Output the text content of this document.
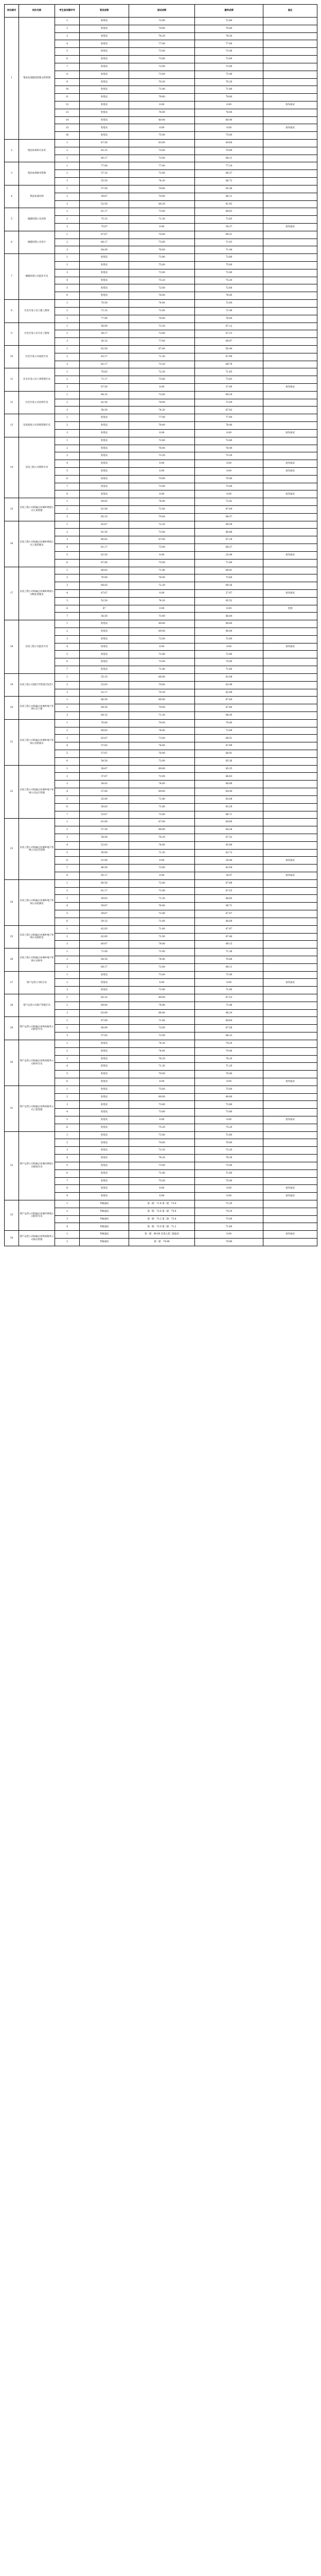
岗位编号	岗位名称	考生面试顺序号	笔试成绩	面试成绩	最终成绩	备注
1	集团本部建设管理文档管理	1	免笔试	72.80	72.80	
		2	免笔试	70.60	70.60	
		3	免笔试	78.20	78.20	
		4	免笔试	77.00	77.00	
		5	免笔试	73.40	73.40	
		6	免笔试	73.60	73.60	
		7	免笔试	72.00	72.00	
		8	免笔试	73.40	73.40	
		9	免笔试	70.20	70.20	
		10	免笔试	71.80	71.80	
		11	免笔试	79.60	79.60	
		12	免笔试	0.00	0.00	放弃面试
		13	免笔试	76.00	76.00	
		14	免笔试	80.40	80.40	
		15	免笔试	0.00	0.00	放弃面试
		16	免笔试	75.00	75.00	
2	集团本部审计法务	1	67.50	63.00	64.80	
		2	63.33	75.60	70.69	
		3	60.17	73.40	68.11	
3	集团本部财务管理	1	77.00	77.40	77.24	
		2	57.33	72.40	66.37	
		3	55.50	74.20	66.72	
4	集团本部出纳	1	57.50	70.60	65.36	
		2	59.67	70.40	66.11	
		3	52.50	68.20	61.92	
5	城建投资公司出纳	1	61.17	73.60	68.63	
		2	75.33	71.20	72.85	
		3	75.67	0.00	30.27	放弃面试
6	城建投资公司会计	1	67.67	70.40	69.31	
		2	64.17	75.60	71.03	
		3	64.00	76.40	71.44	
7	城建投资公司造价专员	1	免笔试	73.80	73.80	
		2	免笔试	75.60	75.60	
		3	免笔试	73.00	73.00	
		4	免笔试	75.20	75.20	
		5	免笔试	72.60	72.60	
		6	免笔试	78.00	78.00	
8	住宅开发公司土建工程师	1	70.50	74.40	72.84	
		2	71.33	71.60	71.49	
		3	77.00	76.40	76.64	
9	住宅开发公司专业工程师	1	58.00	73.20	67.12	
		2	59.17	72.60	67.23	
		3	56.33	77.40	68.97	
10	住宅开发公司成控专员	1	62.50	67.40	65.44	
		2	63.17	71.20	67.99	
		3	62.17	73.20	68.79	
11	住宅开发公司人事管理专员	1	70.83	72.20	71.65	
		2	71.17	75.60	73.83	
		3	67.50	0.00	27.00	放弃面试
12	住宅开发公司出纳专员	1	64.33	72.60	69.29	
		2	62.50	78.40	72.04	
		3	58.50	74.20	67.92	
13	东投商贸公司采购管理专员	1	免笔试	77.00	77.00	
		2	免笔试	78.40	78.40	
		3	免笔试	0.00	0.00	放弃面试
14	东投工程公司资料专员	1	免笔试	72.60	72.60	
		2	免笔试	76.40	76.40	
		3	免笔试	73.20	73.20	
		4	免笔试	0.00	0.00	放弃面试
		5	免笔试	0.00	0.00	放弃面试
		6	免笔试	70.80	70.80	
		7	免笔试	73.60	73.60	
		8	免笔试	0.00	0.00	放弃面试
15	东投工程公司权属企业城乡规划公司人事管理	1	69.83	74.80	72.81	
		2	61.00	72.40	67.84	
		3	65.33	70.40	68.37	
16	东投工程公司权属企业城乡规划公司工程管理员	1	65.67	72.20	69.59	
		2	61.50	73.80	68.88	
		3	66.83	67.60	67.29	
		4	61.17	73.00	68.27	
		5	63.50	0.00	25.40	放弃面试
		6	67.00	75.00	71.80	
17	东投工程公司权属企业城乡规划公司物业管理员	1	66.83	71.80	69.81	
		2	70.00	76.00	73.60	
		3	64.83	72.20	69.26	
		4	67.67	0.00	27.07	放弃面试
		5	52.50	74.20	65.52	
		6	47	0.00	0.00	迟到
		7	56.50	73.40	66.64	
18	东投工程公司造价专员	1	免笔试	80.60	80.60	
		2	免笔试	69.00	69.00	
		3	免笔试	72.60	72.60	
		4	免笔试	0.00	0.00	放弃面试
		5	免笔试	72.80	72.80	
		6	免笔试	75.00	75.00	
		7	免笔试	71.80	71.80	
19	东投工程公司园区代管项目负责人	1	55.33	66.60	62.09	
		2	52.83	70.60	63.49	
		3	52.17	70.20	62.99	
20	东投工程公司权属企业城乡地下管网公司土建	1	66.50	68.40	67.64	
		2	64.50	70.00	67.80	
		3	64.33	71.20	68.45	
21	东投工程公司权属企业城乡地下管网公司给排水	1	70.00	70.00	70.00	
		2	69.83	74.60	72.69	
		3	63.67	73.40	69.51	
		4	57.83	74.60	67.89	
		5	57.67	76.40	68.91	
		6	54.50	72.60	65.36	
22	东投工程公司权属企业城乡地下管网公司运行管理	1	58.67	69.80	65.35	
		2	57.67	72.60	66.63	
		3	54.83	74.60	66.69	
		4	57.00	69.40	64.44	
		5	55.00	71.80	65.08	
		6	50.83	71.60	63.29	
		7	53.67	75.40	66.71	
23	东投工程公司权属企业城乡地下管网公司安全管理	1	61.00	67.00	64.60	
		2	57.50	68.80	64.28	
		3	54.00	76.20	67.32	
		4	52.83	74.60	65.89	
		5	50.00	71.20	62.72	
		6	51.00	0.00	20.40	放弃面试
		7	46.50	72.40	62.04	
		8	45.17	0.00	18.07	放弃面试
24	东投工程公司权属企业城乡地下管网公司检测员	1	60.50	72.80	67.88	
		2	61.17	71.80	67.55	
		3	59.83	71.20	66.65	
		4	59.67	76.40	69.71	
		5	59.67	72.00	67.07	
		6	59.33	71.60	66.69	
25	东投工程公司权属企业城乡地下管网公司质检员	1	62.83	71.40	67.97	
		2	62.00	71.00	67.40	
		3	60.67	74.80	69.15	
26	东投工程公司权属企业城乡地下管网公司财务	1	71.00	71.60	71.36	
		2	64.50	74.80	70.68	
		3	64.17	72.40	69.11	
27	资产运营公司综合办	1	免笔试	73.40	73.40	
		2	免笔试	0.00	0.00	放弃面试
		3	免笔试	71.60	71.60	
28	资产运营公司资产管理专员	1	65.33	69.00	67.53	
		2	69.00	74.80	72.48	
		3	63.00	68.40	66.24	
29	资产运营公司权属企业物业服务公司经营专员	1	67.00	71.40	69.64	
		2	60.00	72.60	67.56	
		3	57.83	72.00	66.33	
30	资产运营公司权属企业物业服务公司财务专员	1	免笔试	74.20	74.20	
		2	免笔试	74.40	74.40	
		3	免笔试	76.20	76.20	
		4	免笔试	71.20	71.20	
		5	免笔试	70.00	70.00	
		6	免笔试	0.00	0.00	放弃面试
31	资产运营公司权属企业物业服务公司工程管理	1	免笔试	75.60	75.60	
		2	免笔试	69.00	69.00	
		3	免笔试	73.80	73.80	
		4	免笔试	73.80	73.80	
		5	免笔试	0.00	0.00	放弃面试
		6	免笔试	75.20	75.20	
32	资产运营公司权属企业城市规划公司规划专员	1	免笔试	72.80	72.80	
		2	免笔试	70.60	70.60	
		3	免笔试	72.20	72.20	
		4	免笔试	78.20	78.20	
		5	免笔试	73.00	73.00	
		6	免笔试	71.80	71.80	
		7	免笔试	75.00	75.00	
		8	免笔试	0.00	0.00	放弃面试
		9	免笔试	0.00	0.00	放弃面试
33	资产运营公司权属企业城市规划公司财务专员	1	考核面试	第一轮：71.4 第二轮：73.0	72.20	
		2	考核面试	第一轮：72.6 第二轮：75.8	74.20	
		3	考核面试	第一轮：73.2 第二轮：72.8	73.00	
		4	考核面试	第一轮：72.0 第二轮：71.2	71.60	
34	资产运营公司权属企业物业服务公司项目经理	1	考核面试	第一轮：69.00 未进入第二轮面试	0.00	放弃面试
		2	考核面试	第一轮：74.80	74.80	
